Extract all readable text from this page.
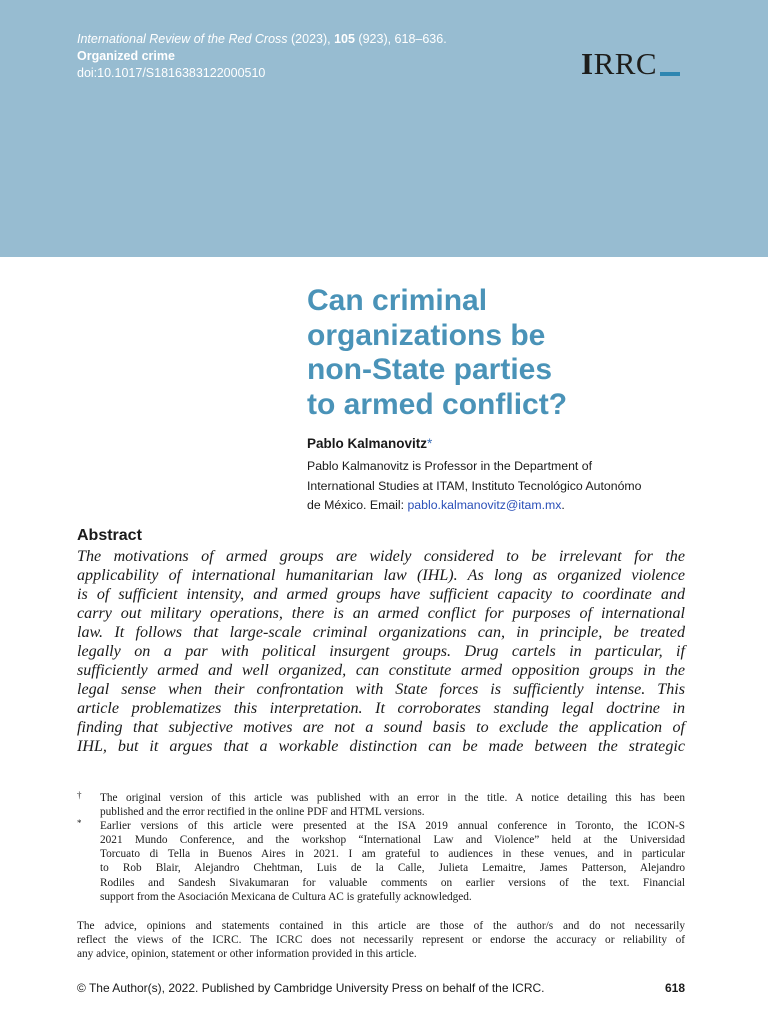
International Review of the Red Cross (2023), 105 (923), 618–636.
Organized crime
doi:10.1017/S1816383122000510	I RRC
Can criminal
organizations be
non-State parties
to armed conflict?
Pablo Kalmanovitz*
Pablo Kalmanovitz is Professor in the Department of
International Studies at ITAM, Instituto Tecnológico Autonómo
de México. Email: pablo.kalmanovitz@itam.mx.
Abstract
The motivations of armed groups are widely considered to be irrelevant for the
applicability of international humanitarian law (IHL). As long as organized violence
is of sufficient intensity, and armed groups have sufficient capacity to coordinate and
carry out military operations, there is an armed conflict for purposes of international
law. It follows that large-scale criminal organizations can, in principle, be treated
legally on a par with political insurgent groups. Drug cartels in particular, if
sufficiently armed and well organized, can constitute armed opposition groups in the
legal sense when their confrontation with State forces is sufficiently intense. This
article problematizes this interpretation. It corroborates standing legal doctrine in
finding that subjective motives are not a sound basis to exclude the application of
IHL, but it argues that a workable distinction can be made between the strategic
† The original version of this article was published with an error in the title. A notice detailing this has been
published and the error rectified in the online PDF and HTML versions.
* Earlier versions of this article were presented at the ISA 2019 annual conference in Toronto, the ICON-S
2021 Mundo Conference, and the workshop “International Law and Violence” held at the Universidad
Torcuato di Tella in Buenos Aires in 2021. I am grateful to audiences in these venues, and in particular
to Rob Blair, Alejandro Chehtman, Luis de la Calle, Julieta Lemaitre, James Patterson, Alejandro
Rodiles and Sandesh Sivakumaran for valuable comments on earlier versions of the text. Financial
support from the Asociación Mexicana de Cultura AC is gratefully acknowledged.
The advice, opinions and statements contained in this article are those of the author/s and do not necessarily
reflect the views of the ICRC. The ICRC does not necessarily represent or endorse the accuracy or reliability of
any advice, opinion, statement or other information provided in this article.
© The Author(s), 2022. Published by Cambridge University Press on behalf of the ICRC.	618
